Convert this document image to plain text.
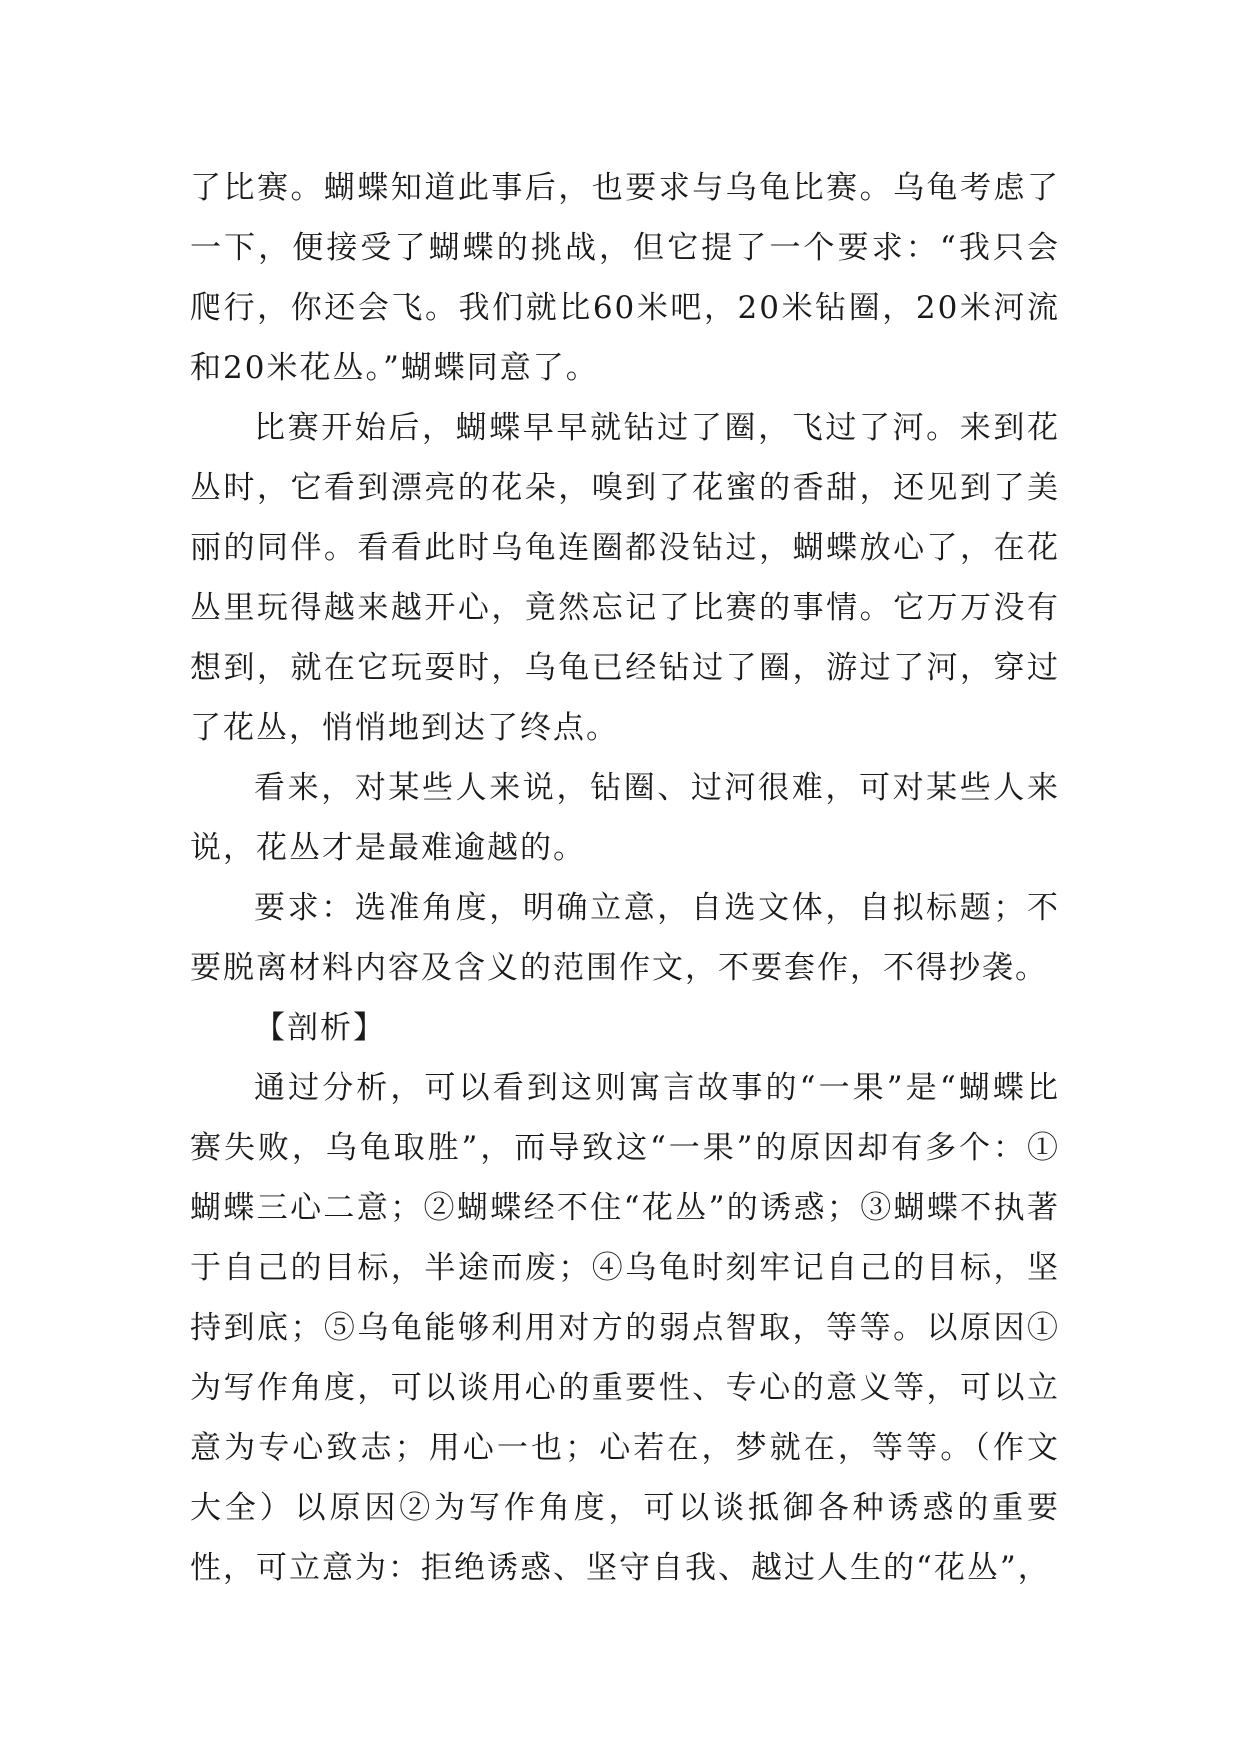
了比赛。蝴蝶知道此事后，也要求与乌龟比赛。乌龟考虑了一下，便接受了蝴蝶的挑战，但它提了一个要求：“我只会爬行，你还会飞。我们就比60米吧，20米钻圈，20米河流和20米花丛。”蝴蝶同意了。

比赛开始后，蝴蝶早早就钻过了圈，飞过了河。来到花丛时，它看到漂亮的花朵，嗅到了花蜜的香甜，还见到了美丽的同伴。看看此时乌龟连圈都没钻过，蝴蝶放心了，在花丛里玩得越来越开心，竟然忘记了比赛的事情。它万万没有想到，就在它玩耍时，乌龟已经钻过了圈，游过了河，穿过了花丛，悄悄地到达了终点。

看来，对某些人来说，钻圈、过河很难，可对某些人来说，花丛才是最难逾越的。

要求：选准角度，明确立意，自选文体，自拟标题；不要脱离材料内容及含义的范围作文，不要套作，不得抄袭。

【剖析】

通过分析，可以看到这则寓言故事的“一果”是“蝴蝶比赛失败，乌龟取胜”，而导致这“一果”的原因却有多个：①蝴蝶三心二意；②蝴蝶经不住“花丛”的诱惑；③蝴蝶不执著于自己的目标，半途而废；④乌龟时刻牢记自己的目标，坚持到底；⑤乌龟能够利用对方的弱点智取，等等。以原因①为写作角度，可以谈用心的重要性、专心的意义等，可以立意为专心致志；用心一也；心若在，梦就在，等等。（作文大全）以原因②为写作角度，可以谈抵御各种诱惑的重要性，可立意为：拒绝诱惑、坚守自我、越过人生的“花丛”，
